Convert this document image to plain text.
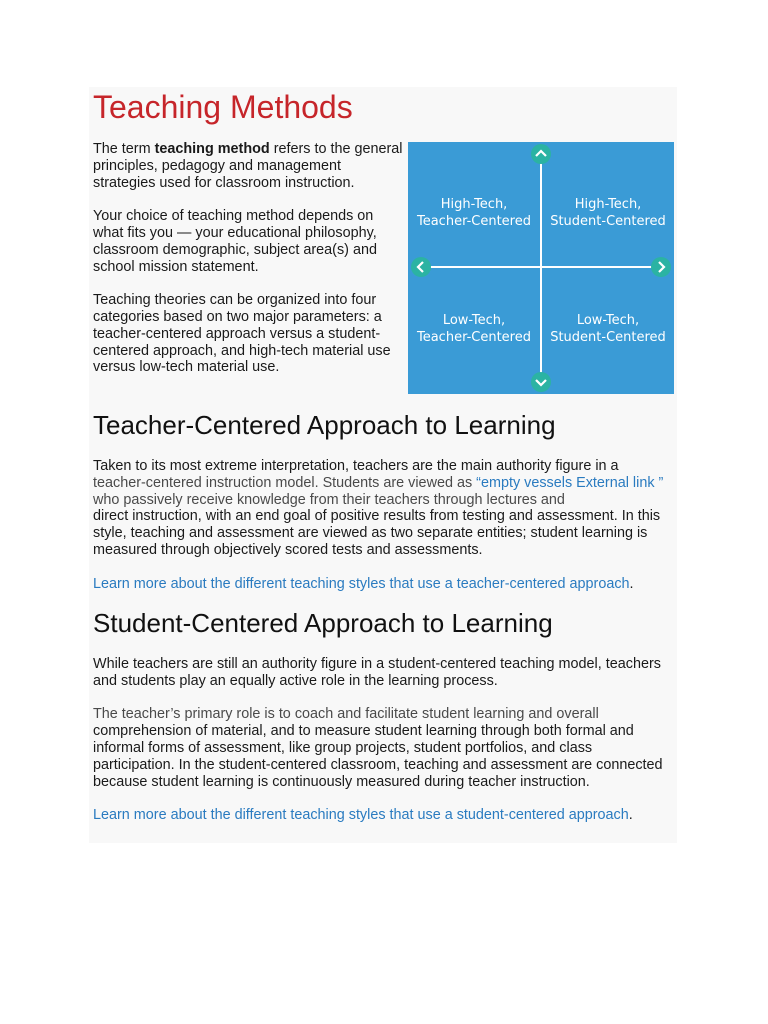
Teaching Methods

The term teaching method refers to the general principles, pedagogy and management strategies used for classroom instruction.

Your choice of teaching method depends on what fits you — your educational philosophy, classroom demographic, subject area(s) and school mission statement.

Teaching theories can be organized into four categories based on two major parameters: a teacher-centered approach versus a student-centered approach, and high-tech material use versus low-tech material use.

High-Tech,
Teacher-Centered
High-Tech,
Student-Centered
Low-Tech,
Teacher-Centered
Low-Tech,
Student-Centered
Teacher-Centered Approach to Learning

Taken to its most extreme interpretation, teachers are the main authority figure in a
teacher-centered instruction model. Students are viewed as “empty vessels External link ” who passively receive knowledge from their teachers through lectures and
direct instruction, with an end goal of positive results from testing and assessment. In this style, teaching and assessment are viewed as two separate entities; student learning is measured through objectively scored tests and assessments.

Learn more about the different teaching styles that use a teacher-centered approach.

Student-Centered Approach to Learning

While teachers are still an authority figure in a student-centered teaching model, teachers and students play an equally active role in the learning process.

The teacher’s primary role is to coach and facilitate student learning and overall
comprehension of material, and to measure student learning through both formal and informal forms of assessment, like group projects, student portfolios, and class participation. In the student-centered classroom, teaching and assessment are connected because student learning is continuously measured during teacher instruction.

Learn more about the different teaching styles that use a student-centered approach.
